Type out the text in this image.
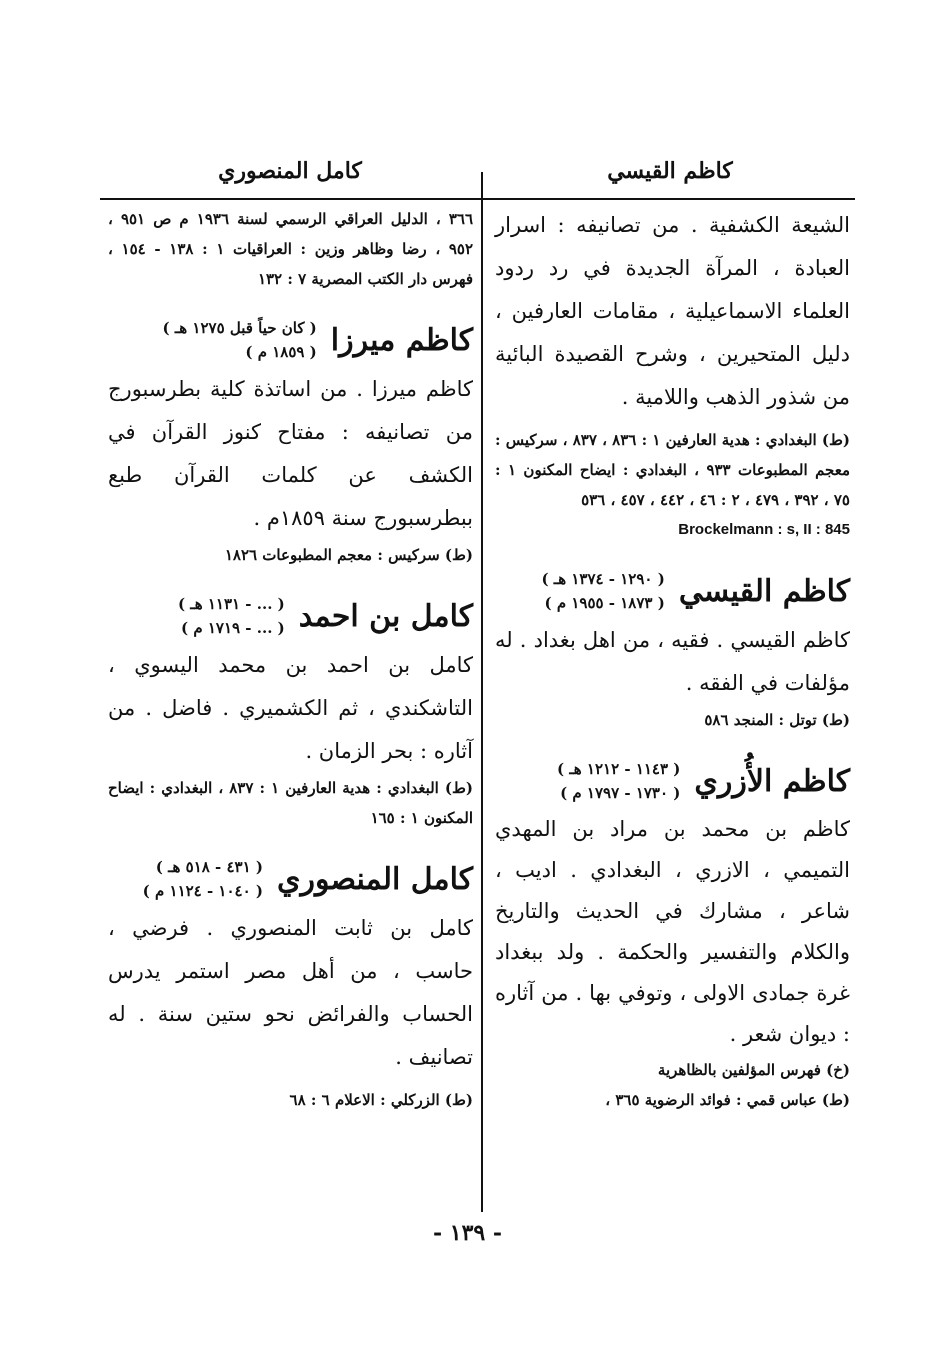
كاظم القيسي
كامل المنصوري

الشيعة الكشفية . من تصانيفه : اسرار العبادة ، المرآة الجديدة في رد ردود العلماء الاسماعيلية ، مقامات العارفين ، دليل المتحيرين ، وشرح القصيدة البائية من شذور الذهب واللامية .

(ط) البغدادي : هدية العارفين ١ : ٨٣٦ ، ٨٣٧ ، سركيس : معجم المطبوعات ٩٣٣ ، البغدادي : ايضاح المكنون ١ : ٧٥ ، ٣٩٢ ، ٤٧٩ ، ٢ : ٤٦ ، ٤٤٢ ، ٤٥٧ ، ٥٣٦

Brockelmann : s, II : 845

كاظم القيسي
( ١٢٩٠ - ١٣٧٤ هـ )
( ١٨٧٣ - ١٩٥٥ م )

كاظم القيسي . فقيه ، من اهل بغداد . له مؤلفات في الفقه .

(ط) توتل : المنجد ٥٨٦

كاظم الأُزري
( ١١٤٣ - ١٢١٢ هـ )
( ١٧٣٠ - ١٧٩٧ م )

كاظم بن محمد بن مراد بن المهدي التميمي ، الازري ، البغدادي . اديب ، شاعر ، مشارك في الحديث والتاريخ والكلام والتفسير والحكمة . ولد ببغداد غرة جمادى الاولى ، وتوفي بها . من آثاره : ديوان شعر .

(خ) فهرس المؤلفين بالظاهرية

(ط) عباس قمي : فوائد الرضوية ٣٦٥ ،

٣٦٦ ، الدليل العراقي الرسمي لسنة ١٩٣٦ م ص ٩٥١ ، ٩٥٢ ، رضا وظاهر وزين : العراقيات ١ : ١٣٨ - ١٥٤ ، فهرس دار الكتب المصرية ٧ : ١٣٢

كاظم ميرزا
( كان حياً قبل ١٢٧٥ هـ )
( ١٨٥٩ م )

كاظم ميرزا . من اساتذة كلية بطرسبورج من تصانيفه : مفتاح كنوز القرآن في الكشف عن كلمات القرآن طبع ببطرسبورج سنة ١٨٥٩م .

(ط) سركيس : معجم المطبوعات ١٨٢٦

كامل بن احمد
( ... - ١١٣١ هـ )
( ... - ١٧١٩ م )

كامل بن احمد بن محمد اليسوي ، التاشكندي ، ثم الكشميري . فاضل . من آثاره : بحر الزمان .

(ط) البغدادي : هدية العارفين ١ : ٨٣٧ ، البغدادي : ايضاح المكنون ١ : ١٦٥

كامل المنصوري
( ٤٣١ - ٥١٨ هـ )
( ١٠٤٠ - ١١٢٤ م )

كامل بن ثابت المنصوري . فرضي ، حاسب ، من أهل مصر استمر يدرس الحساب والفرائض نحو ستين سنة . له تصانيف .

(ط) الزركلي : الاعلام ٦ : ٦٨

- ١٣٩ -
